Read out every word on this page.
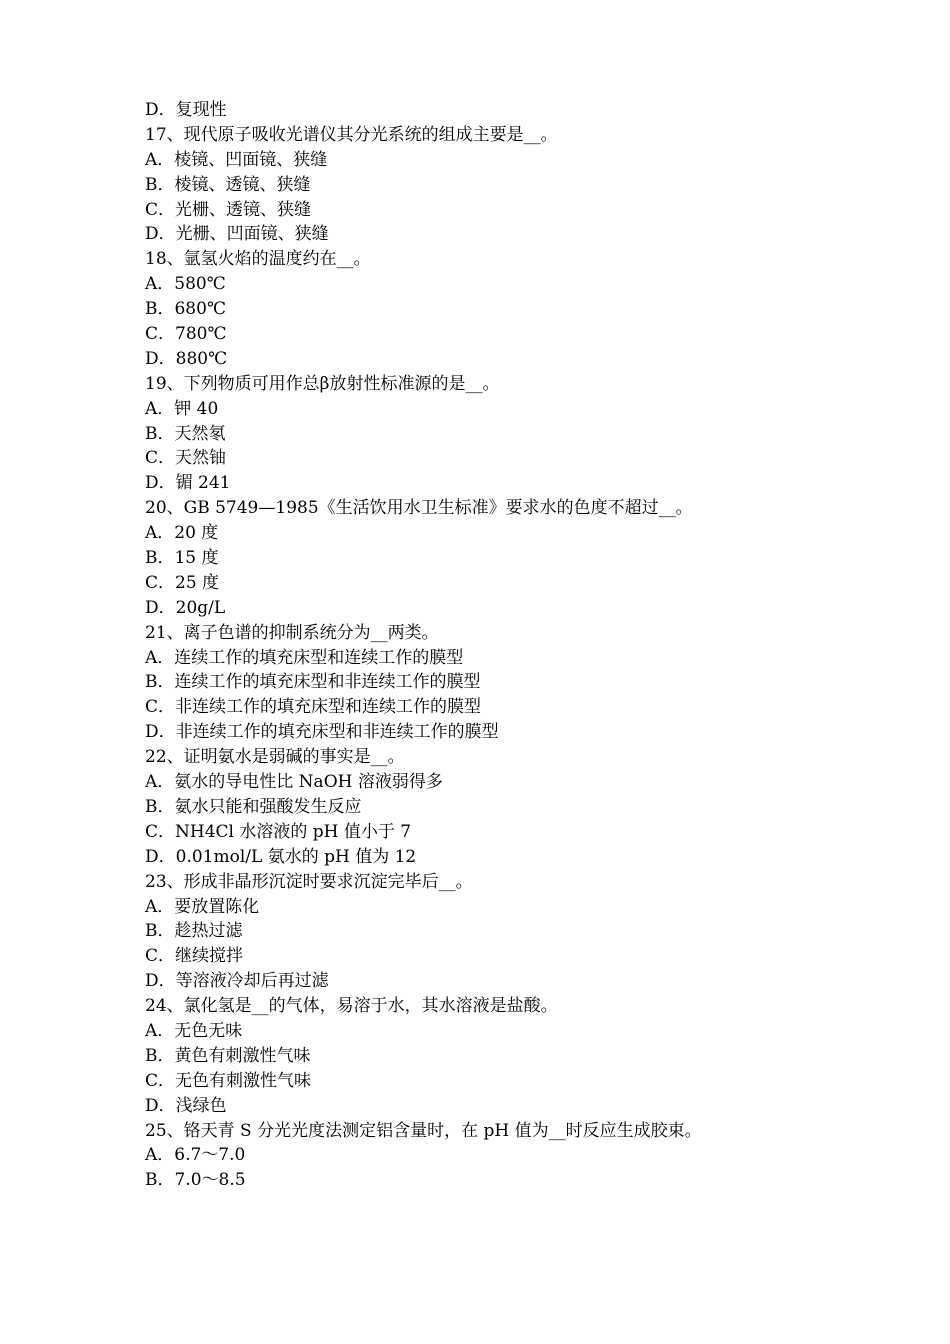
D．复现性
17、现代原子吸收光谱仪其分光系统的组成主要是__。
A．棱镜、凹面镜、狭缝
B．棱镜、透镜、狭缝
C．光栅、透镜、狭缝
D．光栅、凹面镜、狭缝
18、氩氢火焰的温度约在__。
A．580℃
B．680℃
C．780℃
D．880℃
19、下列物质可用作总β放射性标准源的是__。
A．钾 40
B．天然氡
C．天然铀
D．镅 241
20、GB 5749—1985《生活饮用水卫生标准》要求水的色度不超过__。
A．20 度
B．15 度
C．25 度
D．20g/L
21、离子色谱的抑制系统分为__两类。
A．连续工作的填充床型和连续工作的膜型
B．连续工作的填充床型和非连续工作的膜型
C．非连续工作的填充床型和连续工作的膜型
D．非连续工作的填充床型和非连续工作的膜型
22、证明氨水是弱碱的事实是__。
A．氨水的导电性比 NaOH 溶液弱得多
B．氨水只能和强酸发生反应
C．NH4Cl 水溶液的 pH 值小于 7
D．0.01mol/L 氨水的 pH 值为 12
23、形成非晶形沉淀时要求沉淀完毕后__。
A．要放置陈化
B．趁热过滤
C．继续搅拌
D．等溶液冷却后再过滤
24、氯化氢是__的气体，易溶于水，其水溶液是盐酸。
A．无色无味
B．黄色有刺激性气味
C．无色有刺激性气味
D．浅绿色
25、铬天青 S 分光光度法测定铝含量时，在 pH 值为__时反应生成胶束。
A．6.7～7.0
B．7.0～8.5
